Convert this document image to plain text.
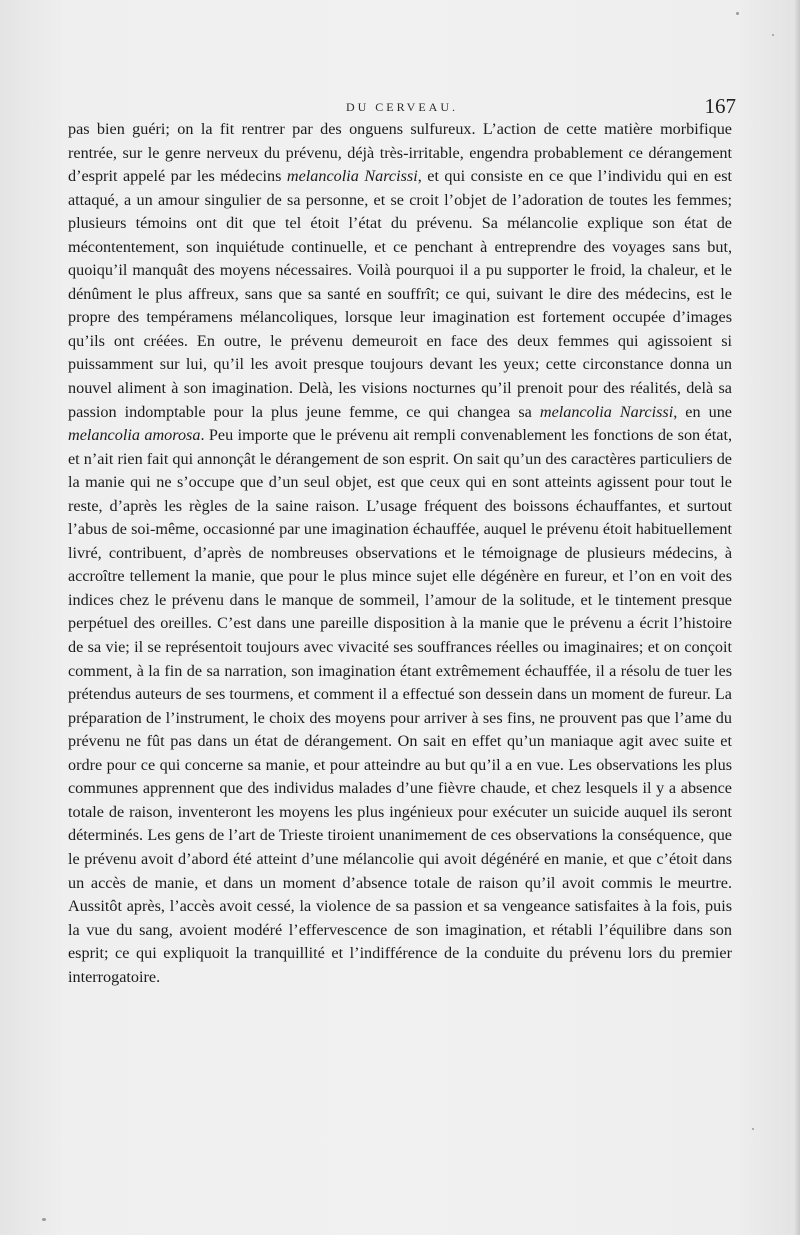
DU CERVEAU.	167

pas bien guéri; on la fit rentrer par des onguens sulfureux. L’action de cette matière morbifique rentrée, sur le genre nerveux du prévenu, déjà très-irritable, engendra probablement ce dérangement d’esprit appelé par les médecins melancolia Narcissi, et qui consiste en ce que l’individu qui en est attaqué, a un amour singulier de sa personne, et se croit l’objet de l’adoration de toutes les femmes; plusieurs témoins ont dit que tel étoit l’état du prévenu. Sa mélancolie explique son état de mécontentement, son inquiétude continuelle, et ce penchant à entreprendre des voyages sans but, quoiqu’il manquât des moyens nécessaires. Voilà pourquoi il a pu supporter le froid, la chaleur, et le dénûment le plus affreux, sans que sa santé en souffrît; ce qui, suivant le dire des médecins, est le propre des tempéramens mélancoliques, lorsque leur imagination est fortement occupée d’images qu’ils ont créées. En outre, le prévenu demeuroit en face des deux femmes qui agissoient si puissamment sur lui, qu’il les avoit presque toujours devant les yeux; cette circonstance donna un nouvel aliment à son imagination. Delà, les visions nocturnes qu’il prenoit pour des réalités, delà sa passion indomptable pour la plus jeune femme, ce qui changea sa melancolia Narcissi, en une melancolia amorosa. Peu importe que le prévenu ait rempli convenablement les fonctions de son état, et n’ait rien fait qui annonçât le dérangement de son esprit. On sait qu’un des caractères particuliers de la manie qui ne s’occupe que d’un seul objet, est que ceux qui en sont atteints agissent pour tout le reste, d’après les règles de la saine raison. L’usage fréquent des boissons échauffantes, et surtout l’abus de soi-même, occasionné par une imagination échauffée, auquel le prévenu étoit habituellement livré, contribuent, d’après de nombreuses observations et le témoignage de plusieurs médecins, à accroître tellement la manie, que pour le plus mince sujet elle dégénère en fureur, et l’on en voit des indices chez le prévenu dans le manque de sommeil, l’amour de la solitude, et le tintement presque perpétuel des oreilles. C’est dans une pareille disposition à la manie que le prévenu a écrit l’histoire de sa vie; il se représentoit toujours avec vivacité ses souffrances réelles ou imaginaires; et on conçoit comment, à la fin de sa narration, son imagination étant extrêmement échauffée, il a résolu de tuer les prétendus auteurs de ses tourmens, et comment il a effectué son dessein dans un moment de fureur. La préparation de l’instrument, le choix des moyens pour arriver à ses fins, ne prouvent pas que l’ame du prévenu ne fût pas dans un état de dérangement. On sait en effet qu’un maniaque agit avec suite et ordre pour ce qui concerne sa manie, et pour atteindre au but qu’il a en vue. Les observations les plus communes apprennent que des individus malades d’une fièvre chaude, et chez lesquels il y a absence totale de raison, inventeront les moyens les plus ingénieux pour exécuter un suicide auquel ils seront déterminés. Les gens de l’art de Trieste tiroient unanimement de ces observations la conséquence, que le prévenu avoit d’abord été atteint d’une mélancolie qui avoit dégénéré en manie, et que c’étoit dans un accès de manie, et dans un moment d’absence totale de raison qu’il avoit commis le meurtre. Aussitôt après, l’accès avoit cessé, la violence de sa passion et sa vengeance satisfaites à la fois, puis la vue du sang, avoient modéré l’effervescence de son imagination, et rétabli l’équilibre dans son esprit; ce qui expliquoit la tranquillité et l’indifférence de la conduite du prévenu lors du premier interrogatoire.
